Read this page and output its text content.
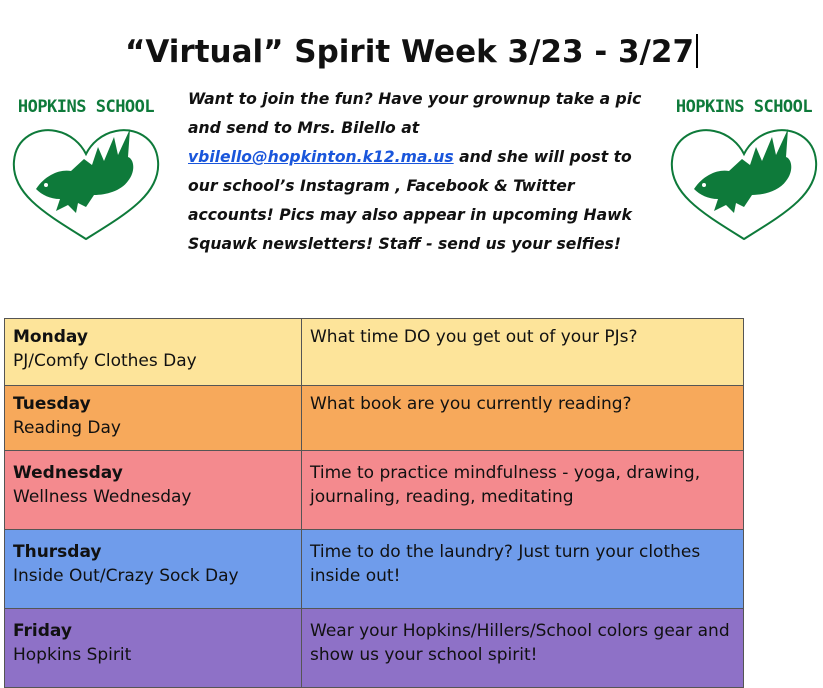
“Virtual” Spirit Week 3/23 - 3/27
HOPKINS SCHOOL	HOPKINS SCHOOL
Want to join the fun? Have your grownup take a pic and send to Mrs. Bilello at vbilello@hopkinton.k12.ma.us and she will post to our school’s Instagram , Facebook & Twitter accounts! Pics may also appear in upcoming Hawk Squawk newsletters! Staff - send us your selfies!
Monday
PJ/Comfy Clothes Day	What time DO you get out of your PJs?

Tuesday
Reading Day	What book are you currently reading?

Wednesday
Wellness Wednesday	Time to practice mindfulness - yoga, drawing, journaling, reading, meditating

Thursday
Inside Out/Crazy Sock Day	Time to do the laundry? Just turn your clothes inside out!

Friday
Hopkins Spirit	Wear your Hopkins/Hillers/School colors gear and show us your school spirit!
